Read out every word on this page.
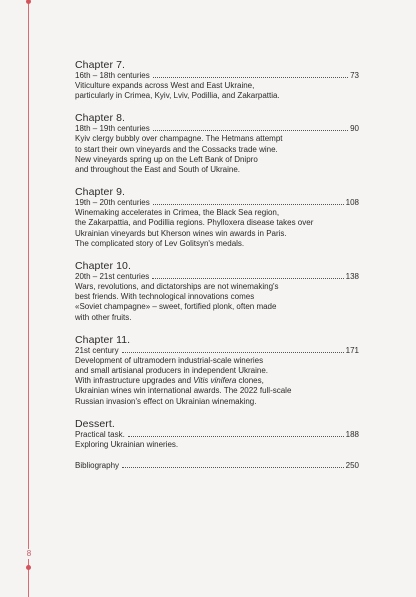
8
Chapter 7.
16th – 18th centuries	73
Viticulture expands across West and East Ukraine,
particularly in Crimea, Kyiv, Lviv, Podillia, and Zakarpattia.
Chapter 8.
18th – 19th centuries	90
Kyiv clergy bubbly over champagne. The Hetmans attempt
to start their own vineyards and the Cossacks trade wine.
New vineyards spring up on the Left Bank of Dnipro
and throughout the East and South of Ukraine.
Chapter 9.
19th – 20th centuries	108
Winemaking accelerates in Crimea, the Black Sea region,
the Zakarpattia, and Podillia regions. Phylloxera disease takes over
Ukrainian vineyards but Kherson wines win awards in Paris.
The complicated story of Lev Golitsyn's medals.
Chapter 10.
20th – 21st centuries	138
Wars, revolutions, and dictatorships are not winemaking's
best friends. With technological innovations comes
«Soviet champagne» – sweet, fortified plonk, often made
with other fruits.
Chapter 11.
21st century	171
Development of ultramodern industrial-scale wineries
and small artisianal producers in independent Ukraine.
With infrastructure upgrades and Vitis vinifera clones,
Ukrainian wines win international awards. The 2022 full-scale
Russian invasion's effect on Ukrainian winemaking.
Dessert.
Practical task.	188
Exploring Ukrainian wineries.
Bibliography	250
